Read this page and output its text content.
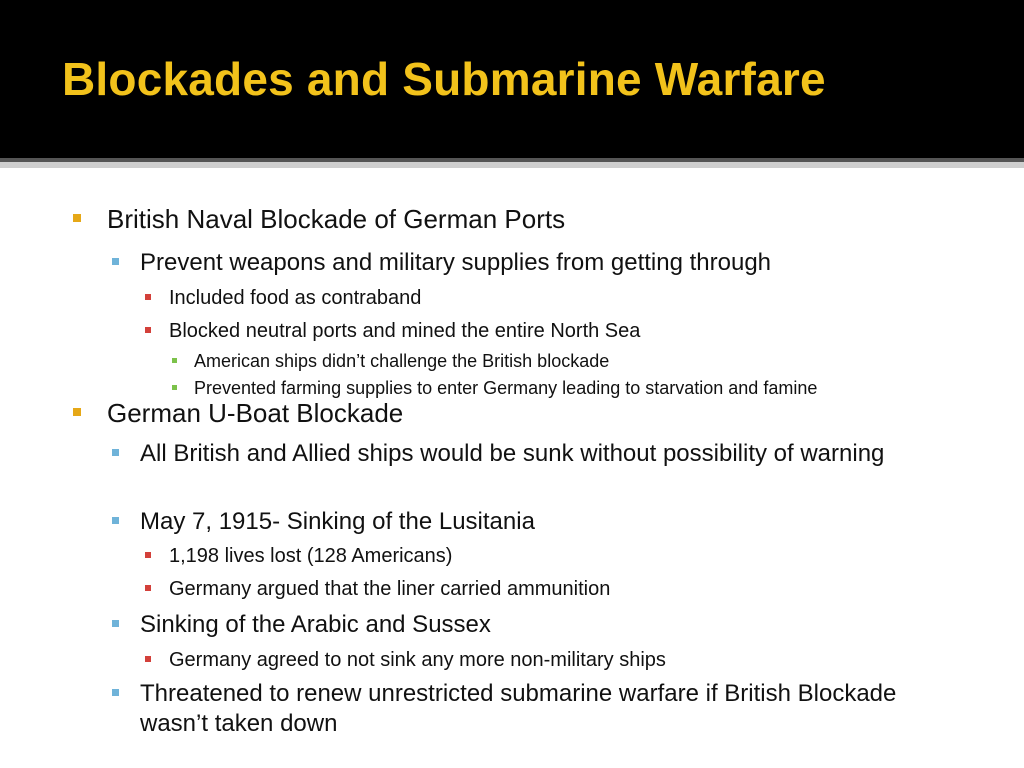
Blockades and Submarine Warfare
British Naval Blockade of German Ports
Prevent weapons and military supplies from getting through
Included food as contraband
Blocked neutral ports and mined the entire North Sea
American ships didn’t challenge the British blockade
Prevented farming supplies to enter Germany leading to starvation and famine
German U-Boat Blockade
All British and Allied ships would be sunk without possibility of warning
May 7, 1915- Sinking of the Lusitania
1,198 lives lost (128 Americans)
Germany argued that the liner carried ammunition
Sinking of the Arabic and Sussex
Germany agreed to not sink any more non-military ships
Threatened to renew unrestricted submarine warfare if British Blockade wasn’t taken down
